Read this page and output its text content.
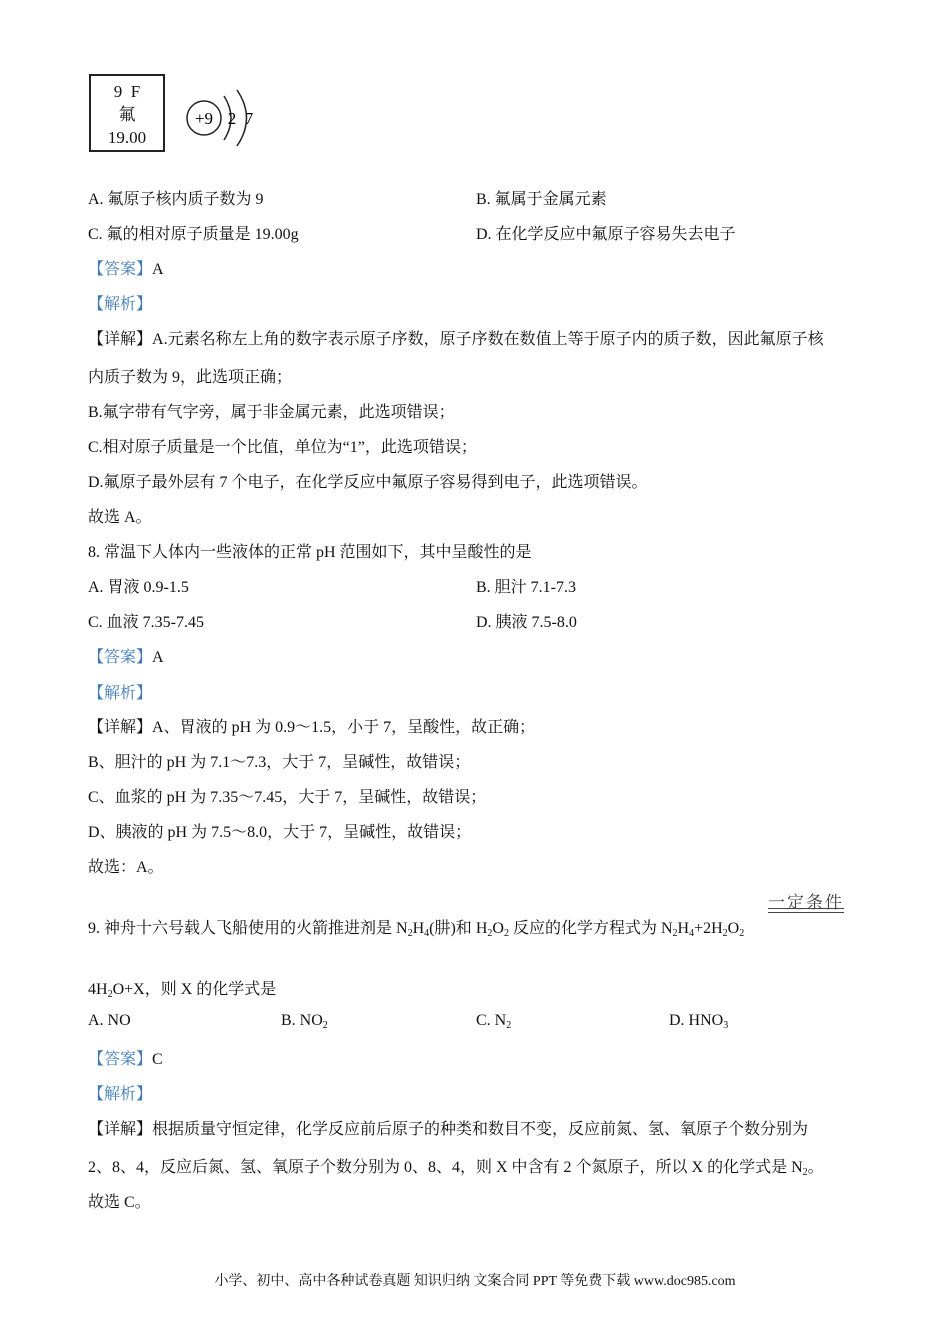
9  F
氟
19.00
+9 2 7
A. 氟原子核内质子数为 9	B. 氟属于金属元素
C. 氟的相对原子质量是 19.00g	D. 在化学反应中氟原子容易失去电子
【答案】A
【解析】
【详解】A.元素名称左上角的数字表示原子序数，原子序数在数值上等于原子内的质子数，因此氟原子核
内质子数为 9，此选项正确；
B.氟字带有气字旁，属于非金属元素，此选项错误；
C.相对原子质量是一个比值，单位为“1”，此选项错误；
D.氟原子最外层有 7 个电子，在化学反应中氟原子容易得到电子，此选项错误。
故选 A。
8. 常温下人体内一些液体的正常 pH 范围如下，其中呈酸性的是
A. 胃液 0.9-1.5	B. 胆汁 7.1-7.3
C. 血液 7.35-7.45	D. 胰液 7.5-8.0
【答案】A
【解析】
【详解】A、胃液的 pH 为 0.9～1.5，小于 7，呈酸性，故正确；
B、胆汁的 pH 为 7.1～7.3，大于 7，呈碱性，故错误；
C、血浆的 pH 为 7.35～7.45，大于 7，呈碱性，故错误；
D、胰液的 pH 为 7.5～8.0，大于 7，呈碱性，故错误；
故选：A。
一定条件
9. 神舟十六号载人飞船使用的火箭推进剂是 $N_2H_4$(肼)和 $H_2O_2$ 反应的化学方程式为 $N_2H_4+2H_2O_2$
$4H_2O+X$，则 X 的化学式是
A. NO	B. $NO_2$	C. $N_2$	D. $HNO_3$
【答案】C
【解析】
【详解】根据质量守恒定律，化学反应前后原子的种类和数目不变，反应前氮、氢、氧原子个数分别为
2、8、4，反应后氮、氢、氧原子个数分别为 0、8、4，则 X 中含有 2 个氮原子，所以 X 的化学式是 $N_2$。
故选 C。
小学、初中、高中各种试卷真题 知识归纳 文案合同 PPT 等免费下载 www.doc985.com
